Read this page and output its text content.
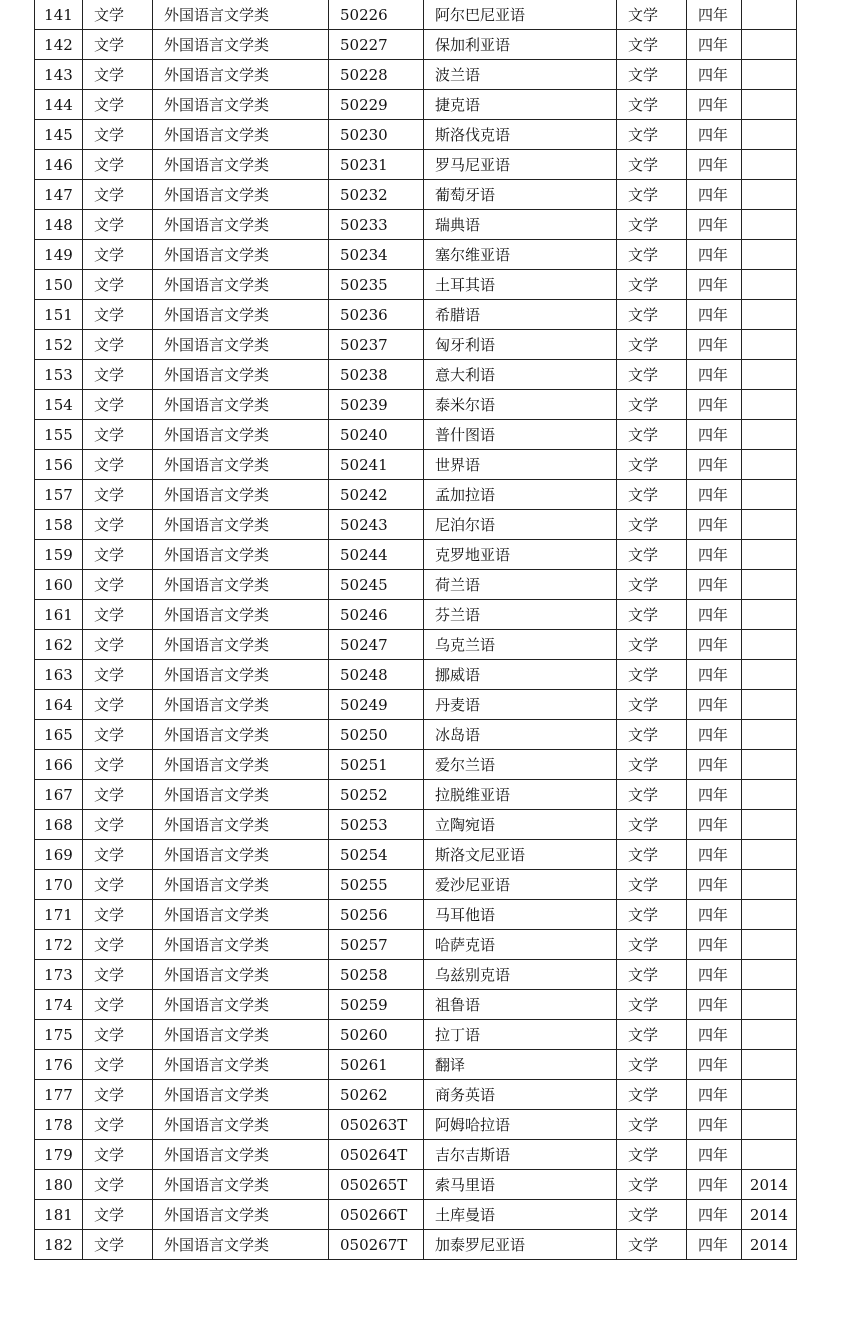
141	文学	外国语言文学类	50226	阿尔巴尼亚语	文学	四年	
142	文学	外国语言文学类	50227	保加利亚语	文学	四年	
143	文学	外国语言文学类	50228	波兰语	文学	四年	
144	文学	外国语言文学类	50229	捷克语	文学	四年	
145	文学	外国语言文学类	50230	斯洛伐克语	文学	四年	
146	文学	外国语言文学类	50231	罗马尼亚语	文学	四年	
147	文学	外国语言文学类	50232	葡萄牙语	文学	四年	
148	文学	外国语言文学类	50233	瑞典语	文学	四年	
149	文学	外国语言文学类	50234	塞尔维亚语	文学	四年	
150	文学	外国语言文学类	50235	土耳其语	文学	四年	
151	文学	外国语言文学类	50236	希腊语	文学	四年	
152	文学	外国语言文学类	50237	匈牙利语	文学	四年	
153	文学	外国语言文学类	50238	意大利语	文学	四年	
154	文学	外国语言文学类	50239	泰米尔语	文学	四年	
155	文学	外国语言文学类	50240	普什图语	文学	四年	
156	文学	外国语言文学类	50241	世界语	文学	四年	
157	文学	外国语言文学类	50242	孟加拉语	文学	四年	
158	文学	外国语言文学类	50243	尼泊尔语	文学	四年	
159	文学	外国语言文学类	50244	克罗地亚语	文学	四年	
160	文学	外国语言文学类	50245	荷兰语	文学	四年	
161	文学	外国语言文学类	50246	芬兰语	文学	四年	
162	文学	外国语言文学类	50247	乌克兰语	文学	四年	
163	文学	外国语言文学类	50248	挪威语	文学	四年	
164	文学	外国语言文学类	50249	丹麦语	文学	四年	
165	文学	外国语言文学类	50250	冰岛语	文学	四年	
166	文学	外国语言文学类	50251	爱尔兰语	文学	四年	
167	文学	外国语言文学类	50252	拉脱维亚语	文学	四年	
168	文学	外国语言文学类	50253	立陶宛语	文学	四年	
169	文学	外国语言文学类	50254	斯洛文尼亚语	文学	四年	
170	文学	外国语言文学类	50255	爱沙尼亚语	文学	四年	
171	文学	外国语言文学类	50256	马耳他语	文学	四年	
172	文学	外国语言文学类	50257	哈萨克语	文学	四年	
173	文学	外国语言文学类	50258	乌兹别克语	文学	四年	
174	文学	外国语言文学类	50259	祖鲁语	文学	四年	
175	文学	外国语言文学类	50260	拉丁语	文学	四年	
176	文学	外国语言文学类	50261	翻译	文学	四年	
177	文学	外国语言文学类	50262	商务英语	文学	四年	
178	文学	外国语言文学类	050263T	阿姆哈拉语	文学	四年	
179	文学	外国语言文学类	050264T	吉尔吉斯语	文学	四年	
180	文学	外国语言文学类	050265T	索马里语	文学	四年	2014
181	文学	外国语言文学类	050266T	土库曼语	文学	四年	2014
182	文学	外国语言文学类	050267T	加泰罗尼亚语	文学	四年	2014
